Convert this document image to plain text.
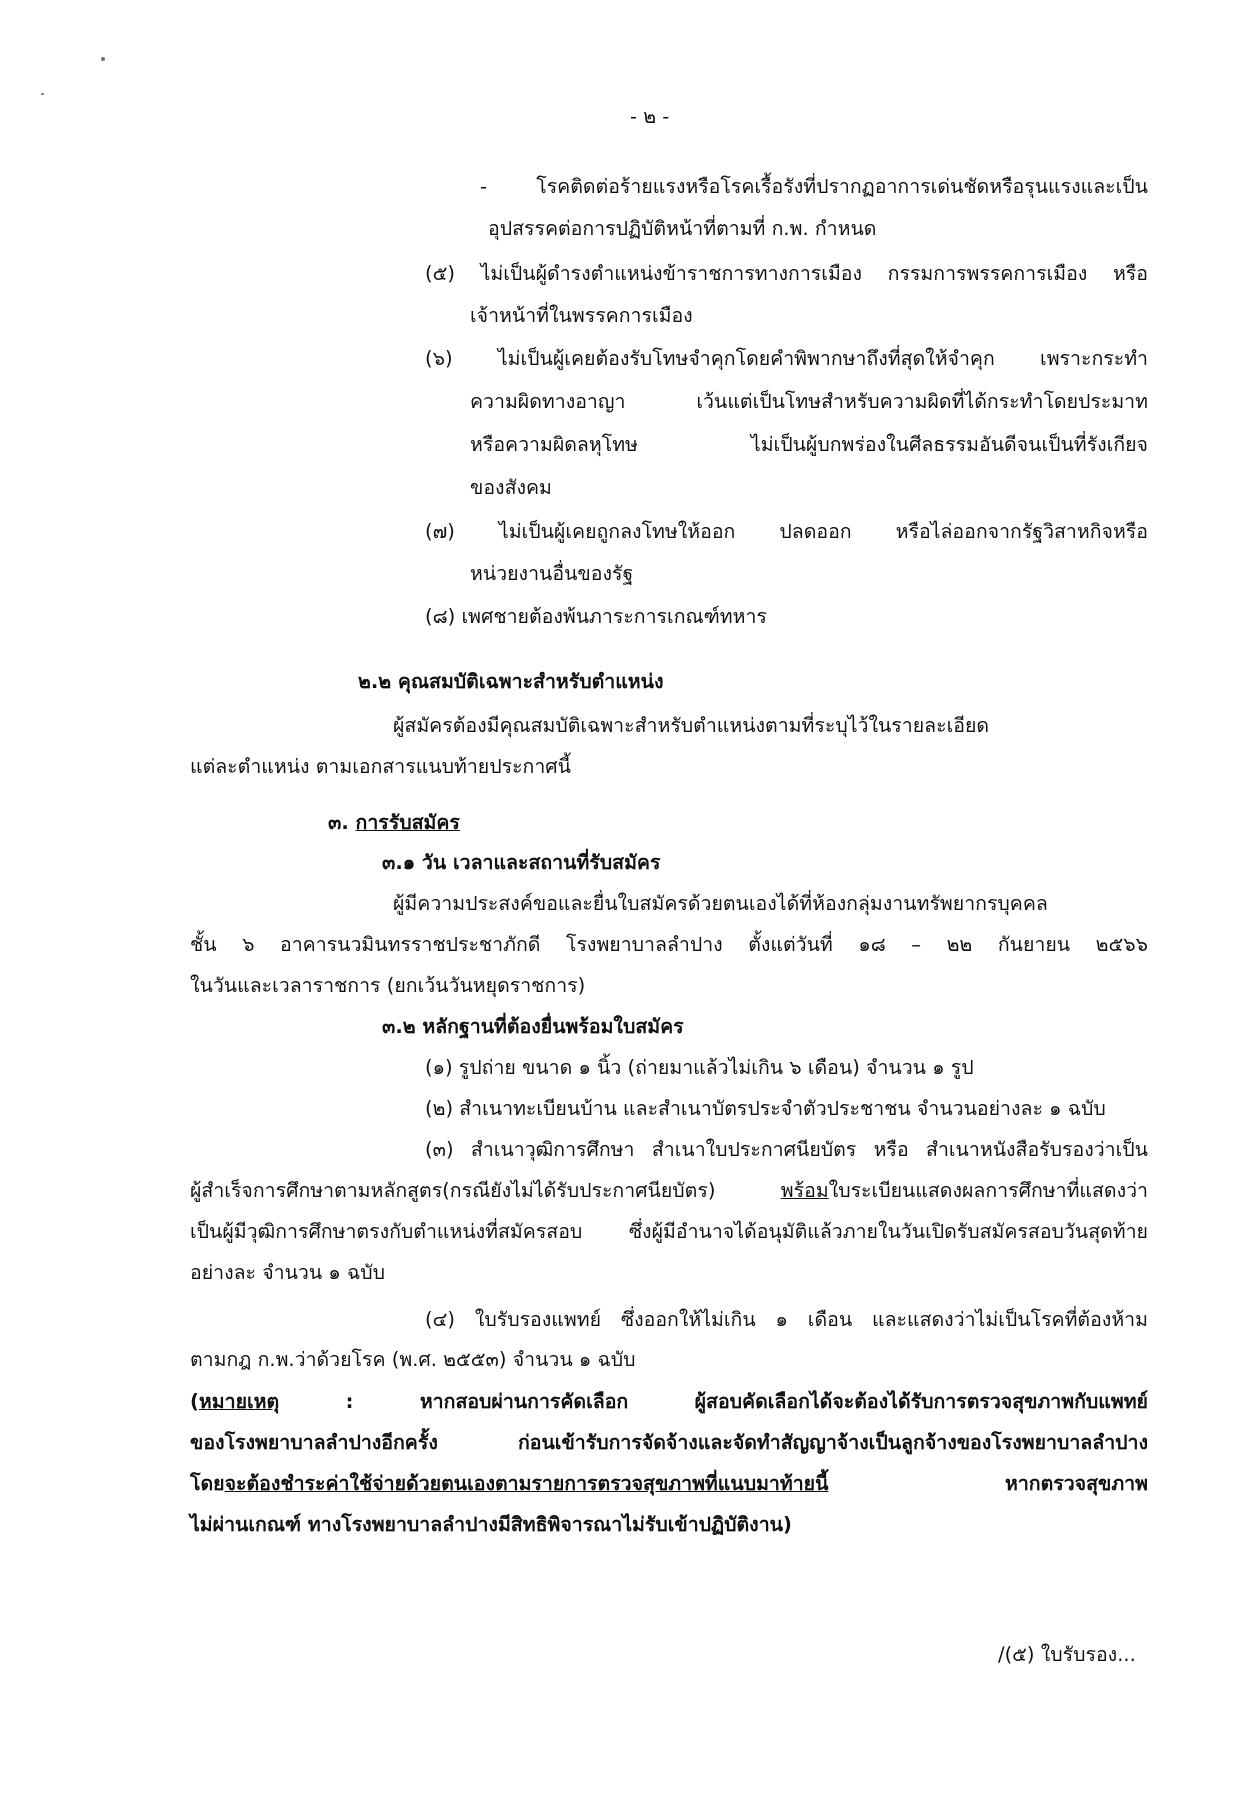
- ๒ -
- โรคติดต่อร้ายแรงหรือโรคเรื้อรังที่ปรากฏอาการเด่นชัดหรือรุนแรงและเป็น
อุปสรรคต่อการปฏิบัติหน้าที่ตามที่ ก.พ. กำหนด
(๕) ไม่เป็นผู้ดำรงตำแหน่งข้าราชการทางการเมือง กรรมการพรรคการเมือง หรือ
เจ้าหน้าที่ในพรรคการเมือง
(๖) ไม่เป็นผู้เคยต้องรับโทษจำคุกโดยคำพิพากษาถึงที่สุดให้จำคุก เพราะกระทำ
ความผิดทางอาญา เว้นแต่เป็นโทษสำหรับความผิดที่ได้กระทำโดยประมาท
หรือความผิดลหุโทษ ไม่เป็นผู้บกพร่องในศีลธรรมอันดีจนเป็นที่รังเกียจ
ของสังคม
(๗) ไม่เป็นผู้เคยถูกลงโทษให้ออก ปลดออก หรือไล่ออกจากรัฐวิสาหกิจหรือ
หน่วยงานอื่นของรัฐ
(๘) เพศชายต้องพ้นภาระการเกณฑ์ทหาร
๒.๒ คุณสมบัติเฉพาะสำหรับตำแหน่ง
ผู้สมัครต้องมีคุณสมบัติเฉพาะสำหรับตำแหน่งตามที่ระบุไว้ในรายละเอียด
แต่ละตำแหน่ง ตามเอกสารแนบท้ายประกาศนี้
๓. การรับสมัคร
๓.๑ วัน เวลาและสถานที่รับสมัคร
ผู้มีความประสงค์ขอและยื่นใบสมัครด้วยตนเองได้ที่ห้องกลุ่มงานทรัพยากรบุคคล
ชั้น ๖ อาคารนวมินทรราชประชาภักดี โรงพยาบาลลำปาง ตั้งแต่วันที่ ๑๘ – ๒๒ กันยายน ๒๕๖๖
ในวันและเวลาราชการ (ยกเว้นวันหยุดราชการ)
๓.๒ หลักฐานที่ต้องยื่นพร้อมใบสมัคร
(๑) รูปถ่าย ขนาด ๑ นิ้ว (ถ่ายมาแล้วไม่เกิน ๖ เดือน) จำนวน ๑ รูป
(๒) สำเนาทะเบียนบ้าน และสำเนาบัตรประจำตัวประชาชน จำนวนอย่างละ ๑ ฉบับ
(๓) สำเนาวุฒิการศึกษา สำเนาใบประกาศนียบัตร หรือ สำเนาหนังสือรับรองว่าเป็น
ผู้สำเร็จการศึกษาตามหลักสูตร(กรณียังไม่ได้รับประกาศนียบัตร) พร้อมใบระเบียนแสดงผลการศึกษาที่แสดงว่า
เป็นผู้มีวุฒิการศึกษาตรงกับตำแหน่งที่สมัครสอบ ซึ่งผู้มีอำนาจได้อนุมัติแล้วภายในวันเปิดรับสมัครสอบวันสุดท้าย
อย่างละ จำนวน ๑ ฉบับ
(๔) ใบรับรองแพทย์ ซึ่งออกให้ไม่เกิน ๑ เดือน และแสดงว่าไม่เป็นโรคที่ต้องห้าม
ตามกฎ ก.พ.ว่าด้วยโรค (พ.ศ. ๒๕๕๓) จำนวน ๑ ฉบับ
(หมายเหตุ : หากสอบผ่านการคัดเลือก ผู้สอบคัดเลือกได้จะต้องได้รับการตรวจสุขภาพกับแพทย์
ของโรงพยาบาลลำปางอีกครั้ง ก่อนเข้ารับการจัดจ้างและจัดทำสัญญาจ้างเป็นลูกจ้างของโรงพยาบาลลำปาง
โดยจะต้องชำระค่าใช้จ่ายด้วยตนเองตามรายการตรวจสุขภาพที่แนบมาท้ายนี้ หากตรวจสุขภาพ
ไม่ผ่านเกณฑ์ ทางโรงพยาบาลลำปางมีสิทธิพิจารณาไม่รับเข้าปฏิบัติงาน)
/(๕) ใบรับรอง...
